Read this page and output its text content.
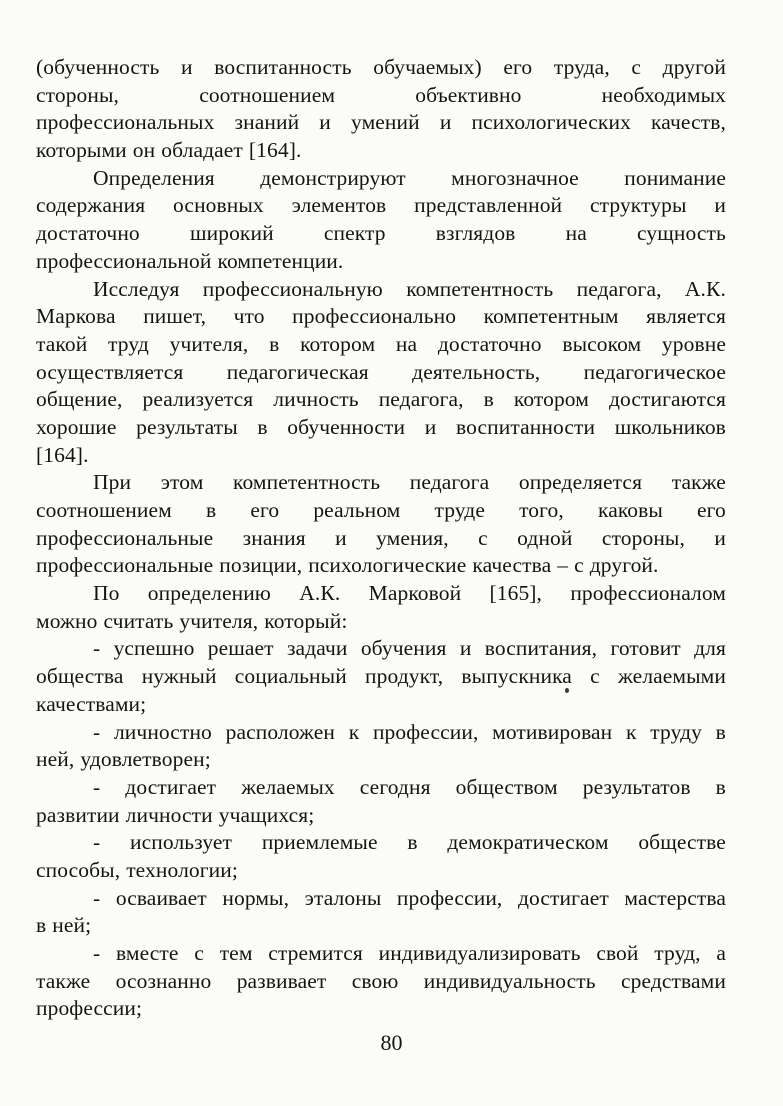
(обученность и воспитанность обучаемых) его труда, с другой
стороны,	соотношением	объективно	необходимых
профессиональных знаний и умений и психологических качеств,
которыми он обладает [164].
Определения демонстрируют многозначное понимание
содержания основных элементов представленной структуры и
достаточно широкий спектр взглядов на сущность
профессиональной компетенции.
Исследуя профессиональную компетентность педагога, А.К.
Маркова пишет, что профессионально компетентным является
такой труд учителя, в котором на достаточно высоком уровне
осуществляется педагогическая деятельность, педагогическое
общение, реализуется личность педагога, в котором достигаются
хорошие результаты в обученности и воспитанности школьников
[164].
При этом компетентность педагога определяется также
соотношением в его реальном труде того, каковы его
профессиональные знания и умения, с одной стороны, и
профессиональные позиции, психологические качества – с другой.
По определению А.К. Марковой [165], профессионалом
можно считать учителя, который:
- успешно решает задачи обучения и воспитания, готовит для
общества нужный социальный продукт, выпускника с желаемыми
качествами;
- личностно расположен к профессии, мотивирован к труду в
ней, удовлетворен;
- достигает желаемых сегодня обществом результатов в
развитии личности учащихся;
- использует приемлемые в демократическом обществе
способы, технологии;
- осваивает нормы, эталоны профессии, достигает мастерства
в ней;
- вместе с тем стремится индивидуализировать свой труд, а
также осознанно развивает свою индивидуальность средствами
профессии;
80
